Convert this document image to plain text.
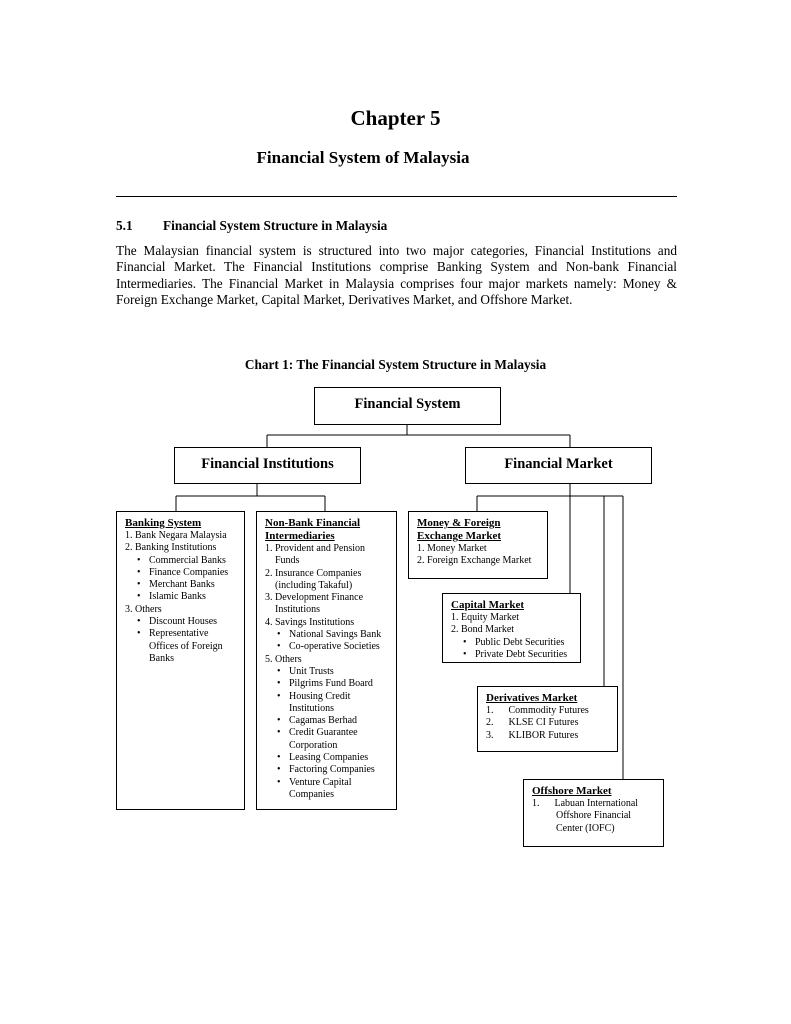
Chapter 5
Financial System of Malaysia
5.1 Financial System Structure in Malaysia
The Malaysian financial system is structured into two major categories, Financial Institutions and Financial Market. The Financial Institutions comprise Banking System and Non-bank Financial Intermediaries. The Financial Market in Malaysia comprises four major markets namely: Money & Foreign Exchange Market, Capital Market, Derivatives Market, and Offshore Market.
Chart 1: The Financial System Structure in Malaysia
Financial System
Financial Institutions	Financial Market
Banking System
1. Bank Negara Malaysia
2. Banking Institutions
• Commercial Banks
• Finance Companies
• Merchant Banks
• Islamic Banks
3. Others
• Discount Houses
• Representative Offices of Foreign Banks
Non-Bank Financial Intermediaries
1. Provident and Pension Funds
2. Insurance Companies (including Takaful)
3. Development Finance Institutions
4. Savings Institutions
• National Savings Bank
• Co-operative Societies
5. Others
• Unit Trusts
• Pilgrims Fund Board
• Housing Credit Institutions
• Cagamas Berhad
• Credit Guarantee Corporation
• Leasing Companies
• Factoring Companies
• Venture Capital Companies
Money & Foreign Exchange Market
1. Money Market
2. Foreign Exchange Market
Capital Market
1. Equity Market
2. Bond Market
• Public Debt Securities
• Private Debt Securities
Derivatives Market
1.      Commodity Futures
2.      KLSE CI Futures
3.      KLIBOR Futures
Offshore Market
1.      Labuan International Offshore Financial Center (IOFC)
